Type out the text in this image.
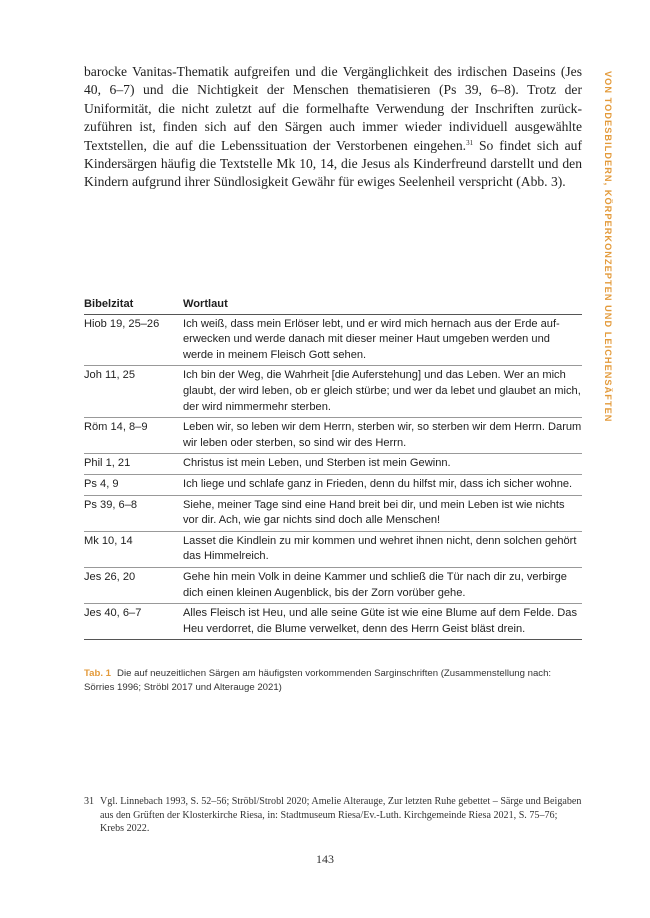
barocke Vanitas-Thematik aufgreifen und die Vergänglichkeit des irdischen Daseins (Jes 40, 6–7) und die Nichtigkeit der Menschen thematisieren (Ps 39, 6–8). Trotz der Uniformität, die nicht zuletzt auf die formelhafte Verwendung der Inschriften zurückzuführen ist, finden sich auf den Särgen auch immer wieder individuell ausgewählte Textstellen, die auf die Lebenssituation der Verstorbenen eingehen.$^{31}$ So findet sich auf Kindersärgen häufig die Textstelle Mk 10, 14, die Jesus als Kinderfreund darstellt und den Kindern aufgrund ihrer Sündlosigkeit Gewähr für ewiges Seelenheil verspricht (Abb. 3).	VON TODESBILDERN, KÖRPERKONZEPTEN UND LEICHENSÄFTEN
Bibelzitat	Wortlaut
Hiob 19, 25–26	Ich weiß, dass mein Erlöser lebt, und er wird mich hernach aus der Erde auferwecken und werde danach mit dieser meiner Haut umgeben werden und werde in meinem Fleisch Gott sehen.
Joh 11, 25	Ich bin der Weg, die Wahrheit [die Auferstehung] und das Leben. Wer an mich glaubt, der wird leben, ob er gleich stürbe; und wer da lebet und glaubet an mich, der wird nimmermehr sterben.
Röm 14, 8–9	Leben wir, so leben wir dem Herrn, sterben wir, so sterben wir dem Herrn. Darum wir leben oder sterben, so sind wir des Herrn.
Phil 1, 21	Christus ist mein Leben, und Sterben ist mein Gewinn.
Ps 4, 9	Ich liege und schlafe ganz in Frieden, denn du hilfst mir, dass ich sicher wohne.
Ps 39, 6–8	Siehe, meiner Tage sind eine Hand breit bei dir, und mein Leben ist wie nichts vor dir. Ach, wie gar nichts sind doch alle Menschen!
Mk 10, 14	Lasset die Kindlein zu mir kommen und wehret ihnen nicht, denn solchen gehört das Himmelreich.
Jes 26, 20	Gehe hin mein Volk in deine Kammer und schließ die Tür nach dir zu, verbirge dich einen kleinen Augenblick, bis der Zorn vorüber gehe.
Jes 40, 6–7	Alles Fleisch ist Heu, und alle seine Güte ist wie eine Blume auf dem Felde. Das Heu verdorret, die Blume verwelket, denn des Herrn Geist bläst drein.

Tab. 1 Die auf neuzeitlichen Särgen am häufigsten vorkommenden Sarginschriften (Zusammenstellung nach: Sörries 1996; Ströbl 2017 und Alterauge 2021)

31 Vgl. Linnebach 1993, S. 52–56; Ströbl/Strobl 2020; Amelie Alterauge, Zur letzten Ruhe gebettet – Särge und Beigaben aus den Grüften der Klosterkirche Riesa, in: Stadtmuseum Riesa/Ev.-Luth. Kirchgemeinde Riesa 2021, S. 75–76; Krebs 2022.

143
